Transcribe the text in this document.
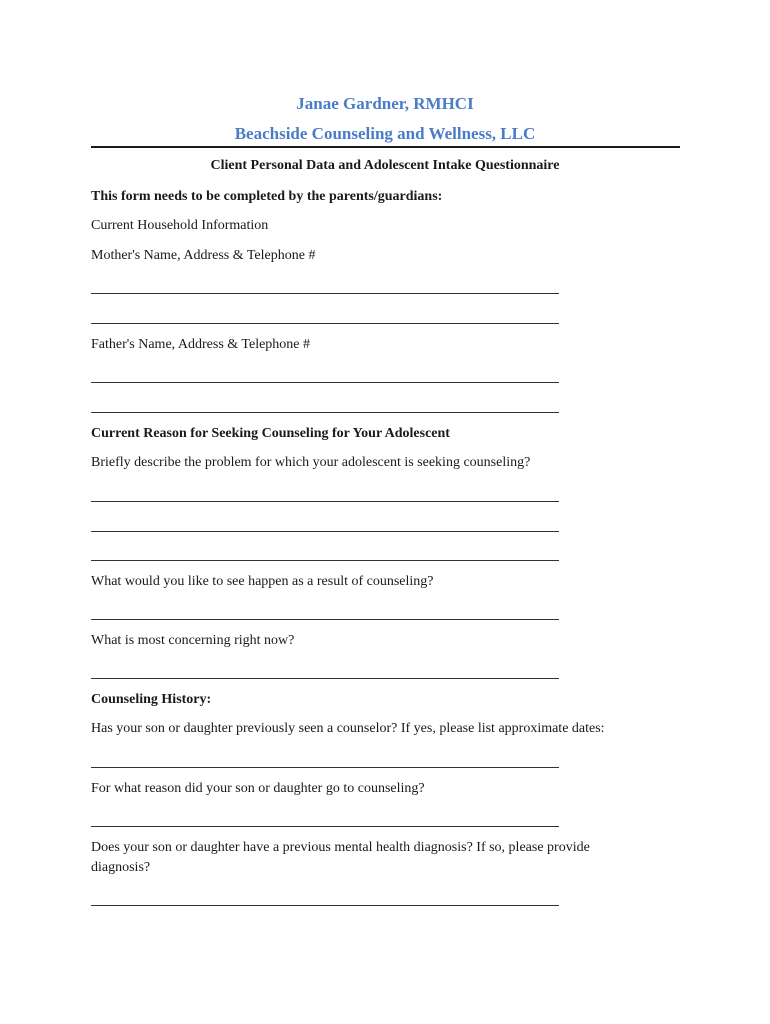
Janae Gardner, RMHCI
Beachside Counseling and Wellness, LLC
Client Personal Data and Adolescent Intake Questionnaire
This form needs to be completed by the parents/guardians:
Current Household Information
Mother's Name, Address & Telephone #
Father's Name, Address & Telephone #
Current Reason for Seeking Counseling for Your Adolescent
Briefly describe the problem for which your adolescent is seeking counseling?
What would you like to see happen as a result of counseling?
What is most concerning right now?
Counseling History:
Has your son or daughter previously seen a counselor? If yes, please list approximate dates:
For what reason did your son or daughter go to counseling?
Does your son or daughter have a previous mental health diagnosis? If so, please provide diagnosis?
